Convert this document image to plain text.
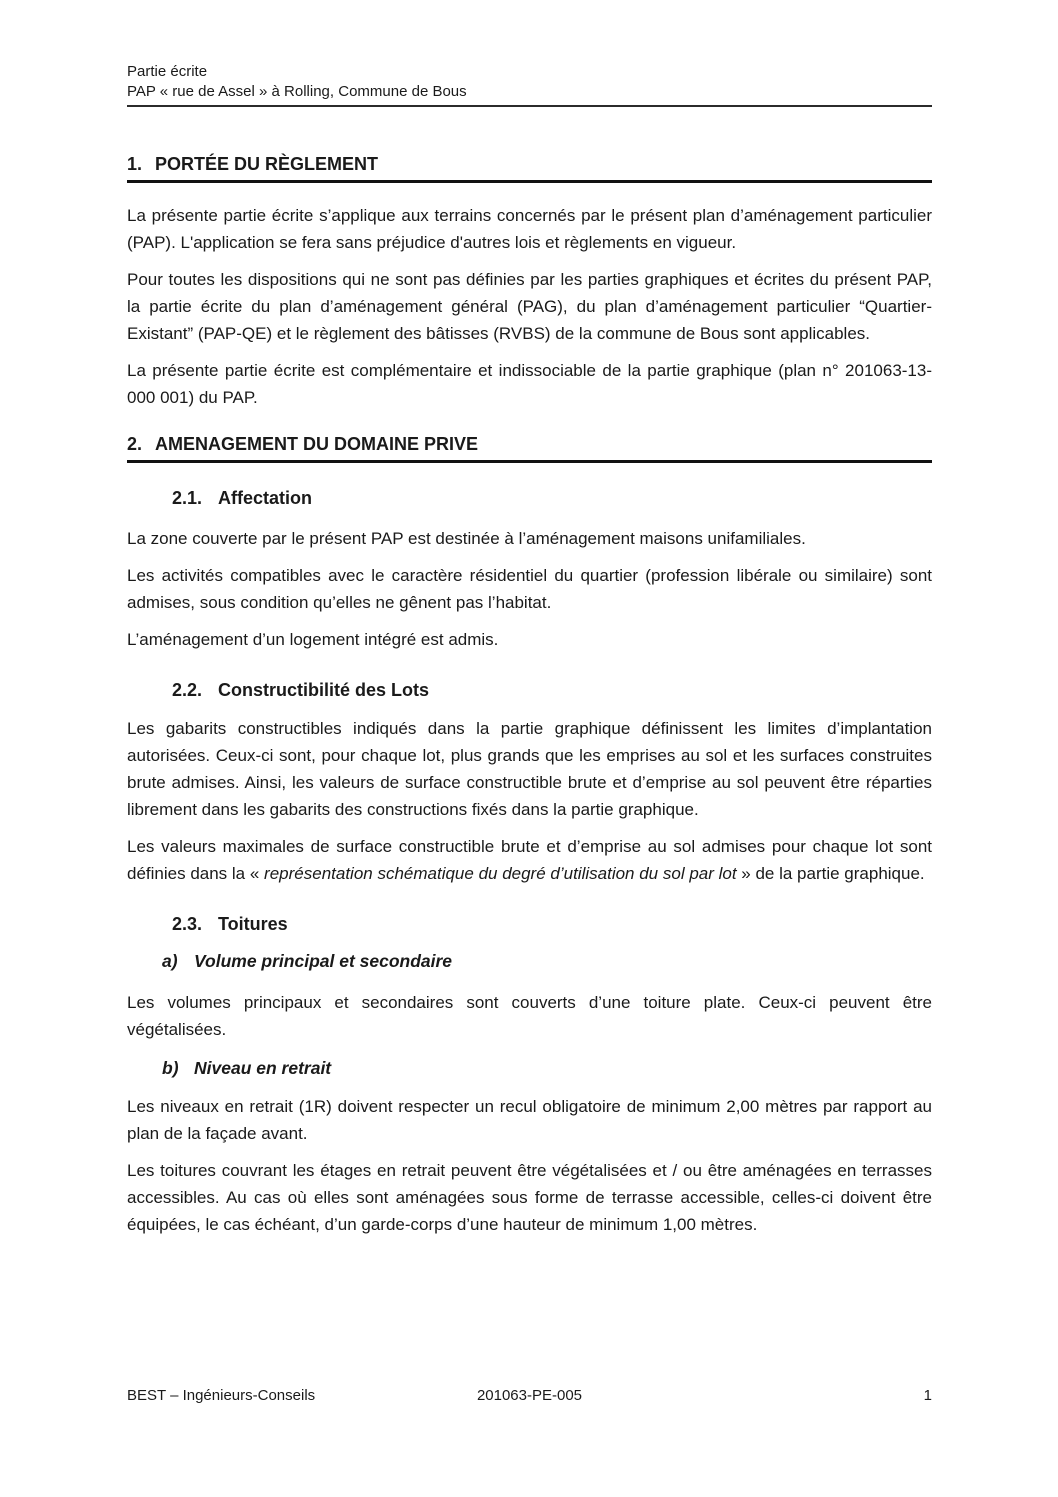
Partie écrite
PAP « rue de Assel » à Rolling, Commune de Bous
1. PORTÉE DU RÈGLEMENT

La présente partie écrite s’applique aux terrains concernés par le présent plan d’aménagement particulier (PAP). L'application se fera sans préjudice d'autres lois et règlements en vigueur.

Pour toutes les dispositions qui ne sont pas définies par les parties graphiques et écrites du présent PAP, la partie écrite du plan d’aménagement général (PAG), du plan d’aménagement particulier “Quartier-Existant” (PAP-QE) et le règlement des bâtisses (RVBS) de la commune de Bous sont applicables.

La présente partie écrite est complémentaire et indissociable de la partie graphique (plan n° 201063-13-000 001) du PAP.

2. AMENAGEMENT DU DOMAINE PRIVE
2.1. Affectation

La zone couverte par le présent PAP est destinée à l’aménagement maisons unifamiliales.

Les activités compatibles avec le caractère résidentiel du quartier (profession libérale ou similaire) sont admises, sous condition qu’elles ne gênent pas l’habitat.

L’aménagement d’un logement intégré est admis.

2.2. Constructibilité des Lots

Les gabarits constructibles indiqués dans la partie graphique définissent les limites d’implantation autorisées. Ceux-ci sont, pour chaque lot, plus grands que les emprises au sol et les surfaces construites brute admises. Ainsi, les valeurs de surface constructible brute et d’emprise au sol peuvent être réparties librement dans les gabarits des constructions fixés dans la partie graphique.

Les valeurs maximales de surface constructible brute et d’emprise au sol admises pour chaque lot sont définies dans la « représentation schématique du degré d’utilisation du sol par lot » de la partie graphique.

2.3. Toitures
a) Volume principal et secondaire

Les volumes principaux et secondaires sont couverts d’une toiture plate. Ceux-ci peuvent être végétalisées.

b) Niveau en retrait

Les niveaux en retrait (1R) doivent respecter un recul obligatoire de minimum 2,00 mètres par rapport au plan de la façade avant.

Les toitures couvrant les étages en retrait peuvent être végétalisées et / ou être aménagées en terrasses accessibles. Au cas où elles sont aménagées sous forme de terrasse accessible, celles-ci doivent être équipées, le cas échéant, d’un garde-corps d’une hauteur de minimum 1,00 mètres.

BEST – Ingénieurs-Conseils	201063-PE-005	1
